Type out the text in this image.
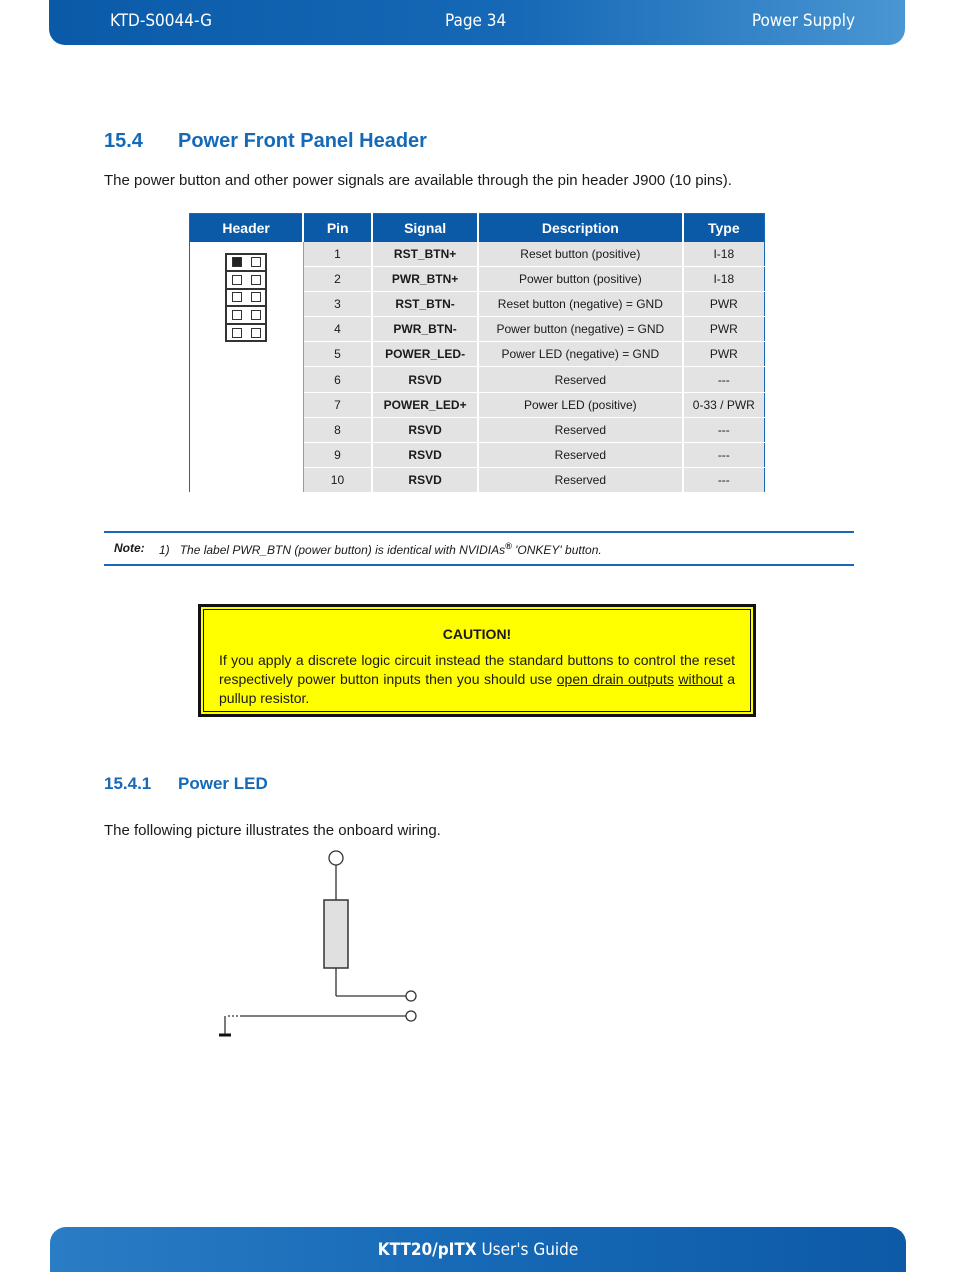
KTD-S0044-G	Page 34	Power Supply
15.4 Power Front Panel Header
The power button and other power signals are available through the pin header J900 (10 pins).
Header	Pin	Signal	Description	Type

	1	RST_BTN+	Reset button (positive)	I-18
	2	PWR_BTN+	Power button (positive)	I-18
	3	RST_BTN-	Reset button (negative) = GND	PWR
	4	PWR_BTN-	Power button (negative) = GND	PWR
	5	POWER_LED-	Power LED (negative) = GND	PWR
	6	RSVD	Reserved	---
	7	POWER_LED+	Power LED (positive)	0-33 / PWR
	8	RSVD	Reserved	---
	9	RSVD	Reserved	---
	10	RSVD	Reserved	---
Note: 1) The label PWR_BTN (power button) is identical with NVIDIAs® 'ONKEY' button.
CAUTION!
If you apply a discrete logic circuit instead the standard buttons to control the reset respectively power button inputs then you should use open drain outputs without a pullup resistor.
15.4.1 Power LED
The following picture illustrates the onboard wiring.
KTT20/pITX User's Guide
